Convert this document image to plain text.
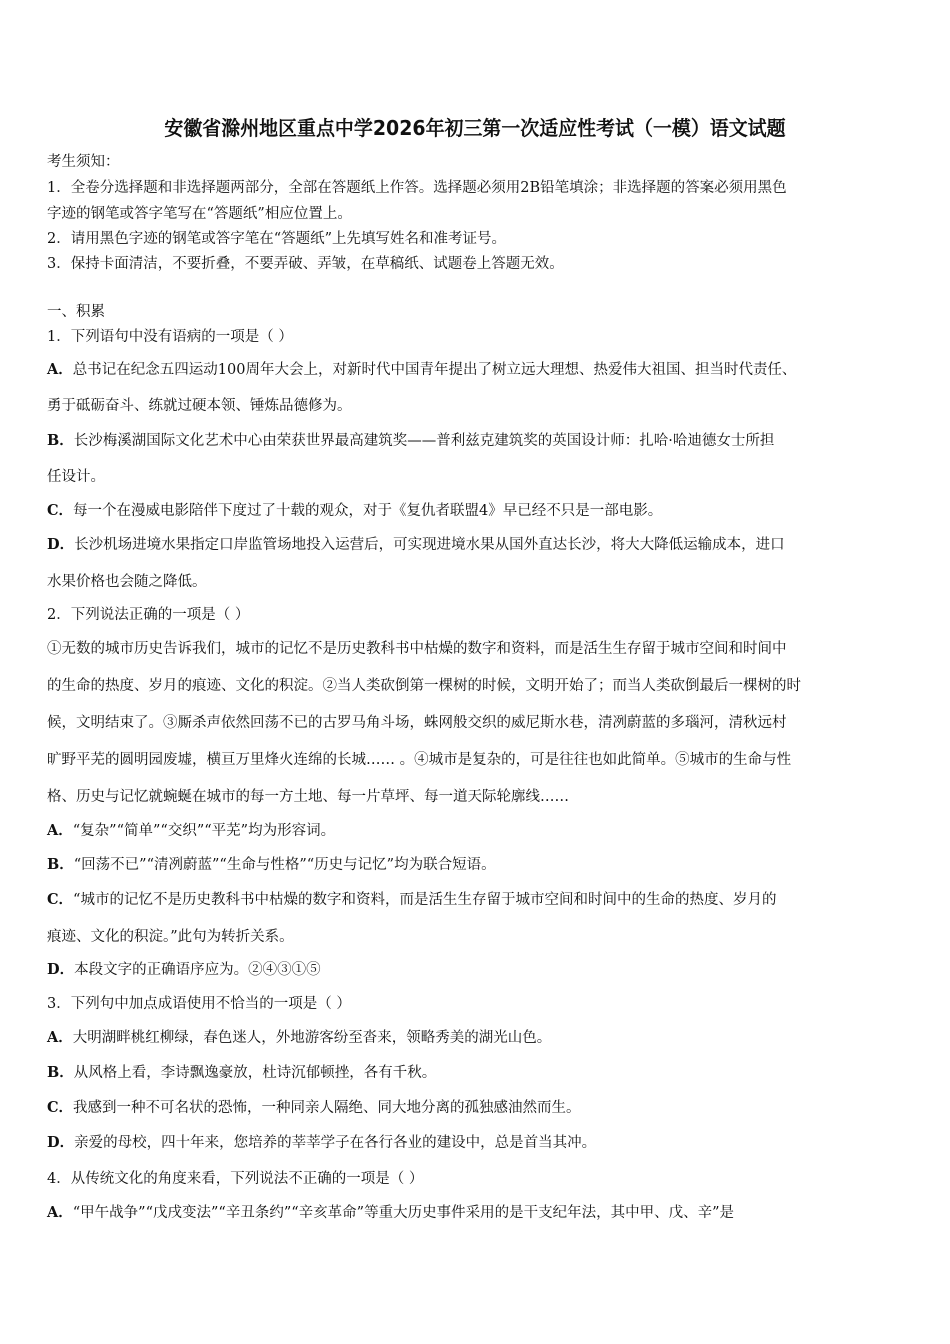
安徽省滁州地区重点中学2026年初三第一次适应性考试（一模）语文试题
考生须知：
1．全卷分选择题和非选择题两部分，全部在答题纸上作答。选择题必须用2B铅笔填涂；非选择题的答案必须用黑色
字迹的钢笔或答字笔写在“答题纸”相应位置上。
2．请用黑色字迹的钢笔或答字笔在“答题纸”上先填写姓名和准考证号。
3．保持卡面清洁，不要折叠，不要弄破、弄皱，在草稿纸、试题卷上答题无效。
一、积累
1．下列语句中没有语病的一项是（ ）
A．总书记在纪念五四运动100周年大会上，对新时代中国青年提出了树立远大理想、热爱伟大祖国、担当时代责任、
勇于砥砺奋斗、练就过硬本领、锤炼品德修为。
B．长沙梅溪湖国际文化艺术中心由荣获世界最高建筑奖——普利兹克建筑奖的英国设计师：扎哈·哈迪德女士所担
任设计。
C．每一个在漫威电影陪伴下度过了十载的观众，对于《复仇者联盟4》早已经不只是一部电影。
D．长沙机场进境水果指定口岸监管场地投入运营后，可实现进境水果从国外直达长沙，将大大降低运输成本，进口
水果价格也会随之降低。
2．下列说法正确的一项是（ ）
①无数的城市历史告诉我们，城市的记忆不是历史教科书中枯燥的数字和资料，而是活生生存留于城市空间和时间中
的生命的热度、岁月的痕迹、文化的积淀。②当人类砍倒第一棵树的时候，文明开始了；而当人类砍倒最后一棵树的时
候，文明结束了。③厮杀声依然回荡不已的古罗马角斗场，蛛网般交织的威尼斯水巷，清冽蔚蓝的多瑙河，清秋远村
旷野平芜的圆明园废墟，横亘万里烽火连绵的长城…… 。④城市是复杂的，可是往往也如此简单。⑤城市的生命与性
格、历史与记忆就蜿蜒在城市的每一方土地、每一片草坪、每一道天际轮廓线……
A．“复杂”“简单”“交织”“平芜”均为形容词。
B．“回荡不已”“清冽蔚蓝”“生命与性格”“历史与记忆”均为联合短语。
C．“城市的记忆不是历史教科书中枯燥的数字和资料，而是活生生存留于城市空间和时间中的生命的热度、岁月的
痕迹、文化的积淀。”此句为转折关系。
D．本段文字的正确语序应为。②④③①⑤
3．下列句中加点成语使用不恰当的一项是（ ）
A．大明湖畔桃红柳绿，春色迷人，外地游客纷至沓来，领略秀美的湖光山色。
B．从风格上看，李诗飘逸豪放，杜诗沉郁顿挫，各有千秋。
C．我感到一种不可名状的恐怖，一种同亲人隔绝、同大地分离的孤独感油然而生。
D．亲爱的母校，四十年来，您培养的莘莘学子在各行各业的建设中，总是首当其冲。
4．从传统文化的角度来看，下列说法不正确的一项是（ ）
A．“甲午战争”“戊戌变法”“辛丑条约”“辛亥革命”等重大历史事件采用的是干支纪年法，其中甲、戊、辛”是
